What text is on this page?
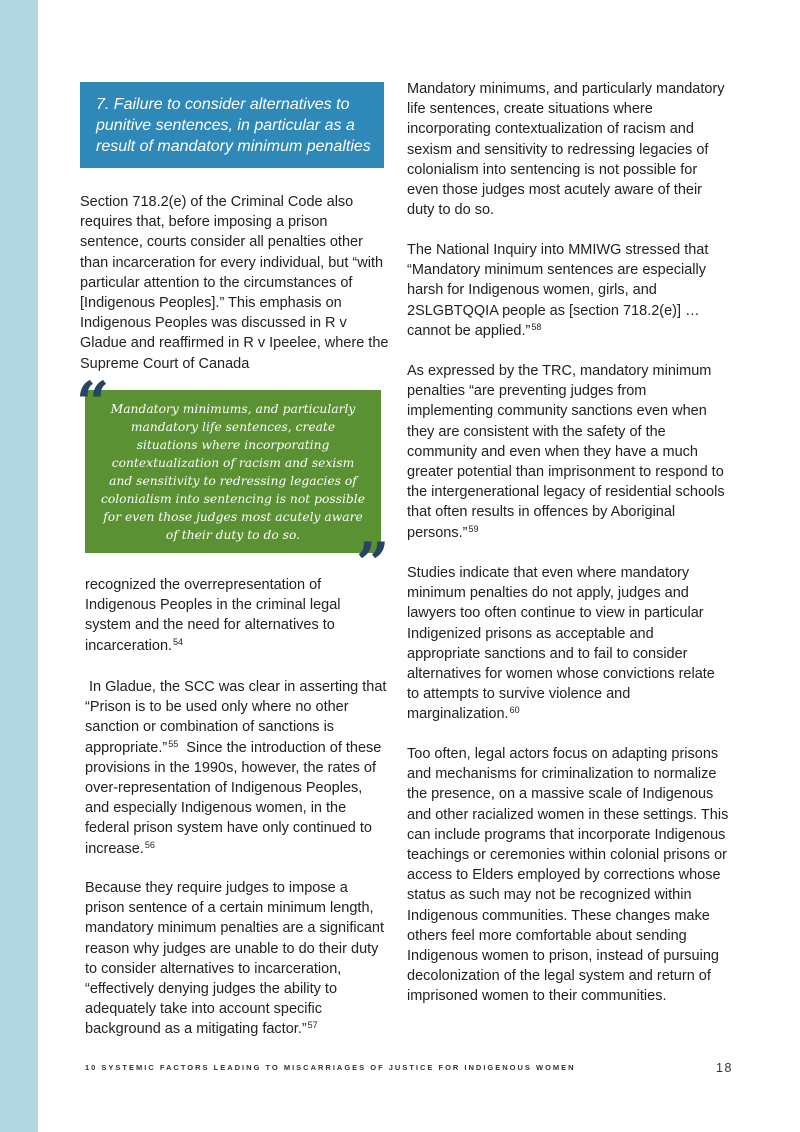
7. Failure to consider alternatives to punitive sentences, in particular as a result of mandatory minimum penalties

Section 718.2(e) of the Criminal Code also requires that, before imposing a prison sentence, courts consider all penalties other than incarceration for every individual, but “with particular attention to the circumstances of [Indigenous Peoples].” This emphasis on Indigenous Peoples was discussed in R v Gladue and reaffirmed in R v Ipeelee, where the Supreme Court of Canada

Mandatory minimums, and particularly mandatory life sentences, create situations where incorporating contextualization of racism and sexism and sensitivity to redressing legacies of colonialism into sentencing is not possible for even those judges most acutely aware of their duty to do so.
“
”

recognized the overrepresentation of Indigenous Peoples in the criminal legal system and the need for alternatives to incarceration.$^{54}$

In Gladue, the SCC was clear in asserting that “Prison is to be used only where no other sanction or combination of sanctions is appropriate.”$^{55}$  Since the introduction of these provisions in the 1990s, however, the rates of over-representation of Indigenous Peoples, and especially Indigenous women, in the federal prison system have only continued to increase.$^{56}$

Because they require judges to impose a prison sentence of a certain minimum length, mandatory minimum penalties are a significant reason why judges are unable to do their duty to consider alternatives to incarceration, “effectively denying judges the ability to adequately take into account specific background as a mitigating factor.”$^{57}$

Mandatory minimums, and particularly mandatory life sentences, create situations where incorporating contextualization of racism and sexism and sensitivity to redressing legacies of colonialism into sentencing is not possible for even those judges most acutely aware of their duty to do so.

The National Inquiry into MMIWG stressed that “Mandatory minimum sentences are especially harsh for Indigenous women, girls, and 2SLGBTQQIA people as [section 718.2(e)] … cannot be applied.”$^{58}$

As expressed by the TRC, mandatory minimum penalties “are preventing judges from implementing community sanctions even when they are consistent with the safety of the community and even when they have a much greater potential than imprisonment to respond to the intergenerational legacy of residential schools that often results in offences by Aboriginal persons.”$^{59}$

Studies indicate that even where mandatory minimum penalties do not apply, judges and lawyers too often continue to view in particular Indigenized prisons as acceptable and appropriate sanctions and to fail to consider alternatives for women whose convictions relate to attempts to survive violence and marginalization.$^{60}$

Too often, legal actors focus on adapting prisons and mechanisms for criminalization to normalize the presence, on a massive scale of Indigenous and other racialized women in these settings. This can include programs that incorporate Indigenous teachings or ceremonies within colonial prisons or access to Elders employed by corrections whose status as such may not be recognized within Indigenous communities. These changes make others feel more comfortable about sending Indigenous women to prison, instead of pursuing decolonization of the legal system and return of imprisoned women to their communities.

10 SYSTEMIC FACTORS LEADING TO MISCARRIAGES OF JUSTICE FOR INDIGENOUS WOMEN	18
